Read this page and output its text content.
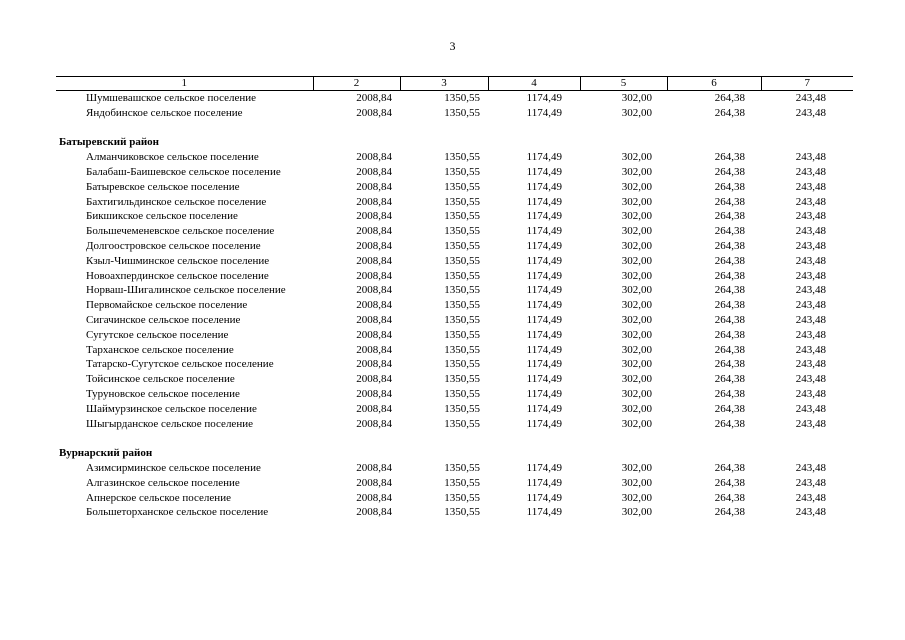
3
1	2	3	4	5	6	7
Шумшевашское сельское поселение	2008,84	1350,55	1174,49	302,00	264,38	243,48
Яндобинское сельское поселение	2008,84	1350,55	1174,49	302,00	264,38	243,48

Батыревский район						
Алманчиковское сельское поселение	2008,84	1350,55	1174,49	302,00	264,38	243,48
Балабаш-Баишевское сельское поселение	2008,84	1350,55	1174,49	302,00	264,38	243,48
Батыревское сельское поселение	2008,84	1350,55	1174,49	302,00	264,38	243,48
Бахтигильдинское сельское поселение	2008,84	1350,55	1174,49	302,00	264,38	243,48
Бикшикское сельское поселение	2008,84	1350,55	1174,49	302,00	264,38	243,48
Большечеменевское сельское поселение	2008,84	1350,55	1174,49	302,00	264,38	243,48
Долгоостровское сельское поселение	2008,84	1350,55	1174,49	302,00	264,38	243,48
Кзыл-Чишминское сельское поселение	2008,84	1350,55	1174,49	302,00	264,38	243,48
Новоахпердинское сельское поселение	2008,84	1350,55	1174,49	302,00	264,38	243,48
Норваш-Шигалинское сельское поселение	2008,84	1350,55	1174,49	302,00	264,38	243,48
Первомайское сельское поселение	2008,84	1350,55	1174,49	302,00	264,38	243,48
Сигачинское сельское поселение	2008,84	1350,55	1174,49	302,00	264,38	243,48
Сугутское сельское поселение	2008,84	1350,55	1174,49	302,00	264,38	243,48
Тарханское сельское поселение	2008,84	1350,55	1174,49	302,00	264,38	243,48
Татарско-Сугутское сельское поселение	2008,84	1350,55	1174,49	302,00	264,38	243,48
Тойсинское сельское поселение	2008,84	1350,55	1174,49	302,00	264,38	243,48
Туруновское сельское поселение	2008,84	1350,55	1174,49	302,00	264,38	243,48
Шаймурзинское сельское поселение	2008,84	1350,55	1174,49	302,00	264,38	243,48
Шыгырданское сельское поселение	2008,84	1350,55	1174,49	302,00	264,38	243,48

Вурнарский район						
Азимсирминское сельское поселение	2008,84	1350,55	1174,49	302,00	264,38	243,48
Алгазинское сельское поселение	2008,84	1350,55	1174,49	302,00	264,38	243,48
Апнерское сельское поселение	2008,84	1350,55	1174,49	302,00	264,38	243,48
Большеторханское сельское поселение	2008,84	1350,55	1174,49	302,00	264,38	243,48
